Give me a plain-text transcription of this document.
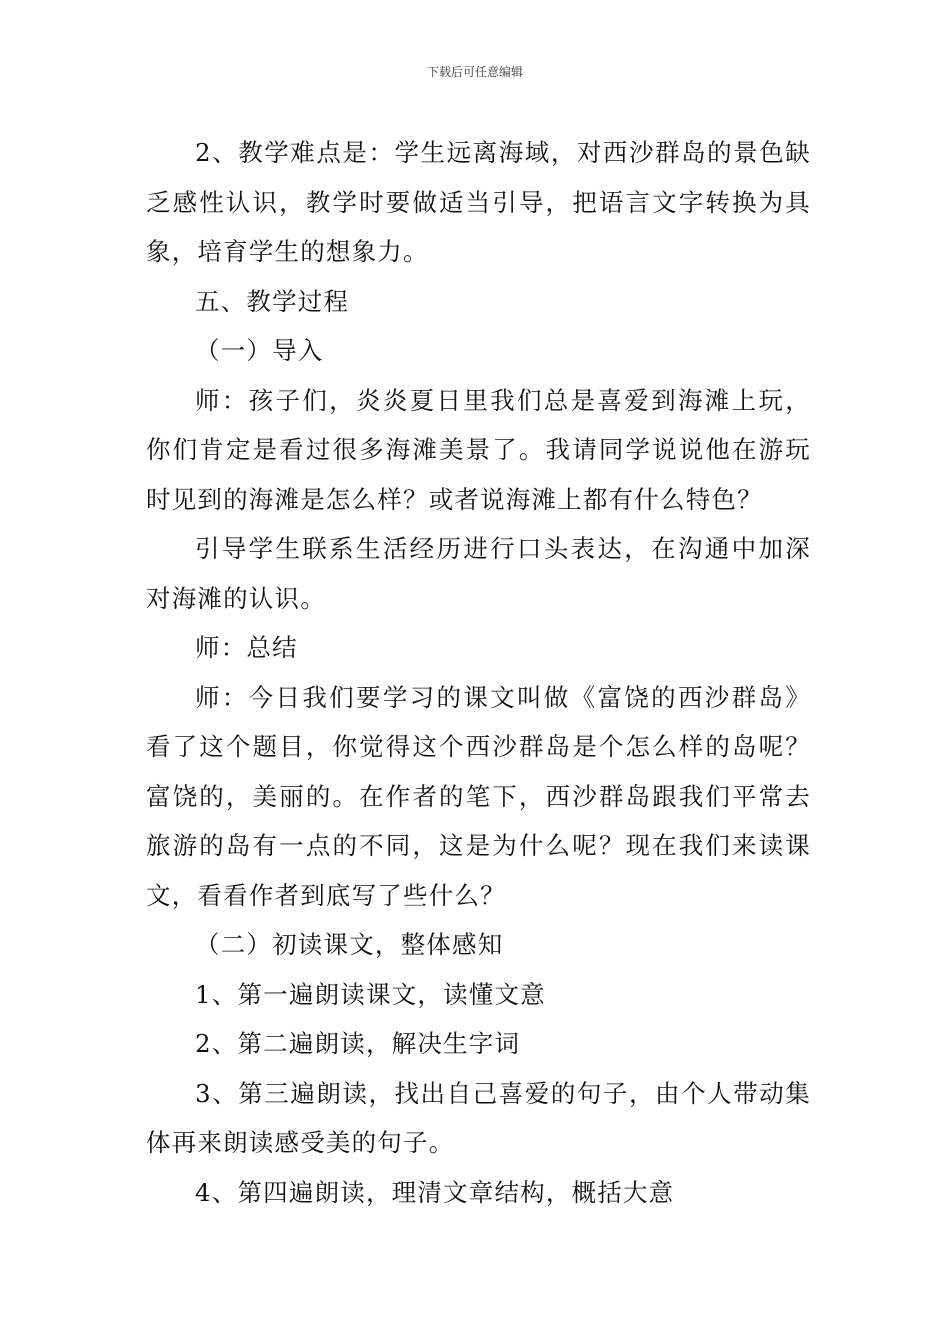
下载后可任意编辑

2、教学难点是：学生远离海域，对西沙群岛的景色缺乏感性认识，教学时要做适当引导，把语言文字转换为具象，培育学生的想象力。

五、教学过程

（一）导入

师：孩子们，炎炎夏日里我们总是喜爱到海滩上玩，你们肯定是看过很多海滩美景了。我请同学说说他在游玩时见到的海滩是怎么样？或者说海滩上都有什么特色？

引导学生联系生活经历进行口头表达，在沟通中加深对海滩的认识。

师：总结

师：今日我们要学习的课文叫做《富饶的西沙群岛》看了这个题目，你觉得这个西沙群岛是个怎么样的岛呢？富饶的，美丽的。在作者的笔下，西沙群岛跟我们平常去旅游的岛有一点的不同，这是为什么呢？现在我们来读课文，看看作者到底写了些什么？

（二）初读课文，整体感知

1、第一遍朗读课文，读懂文意

2、第二遍朗读，解决生字词

3、第三遍朗读，找出自己喜爱的句子，由个人带动集体再来朗读感受美的句子。

4、第四遍朗读，理清文章结构，概括大意
